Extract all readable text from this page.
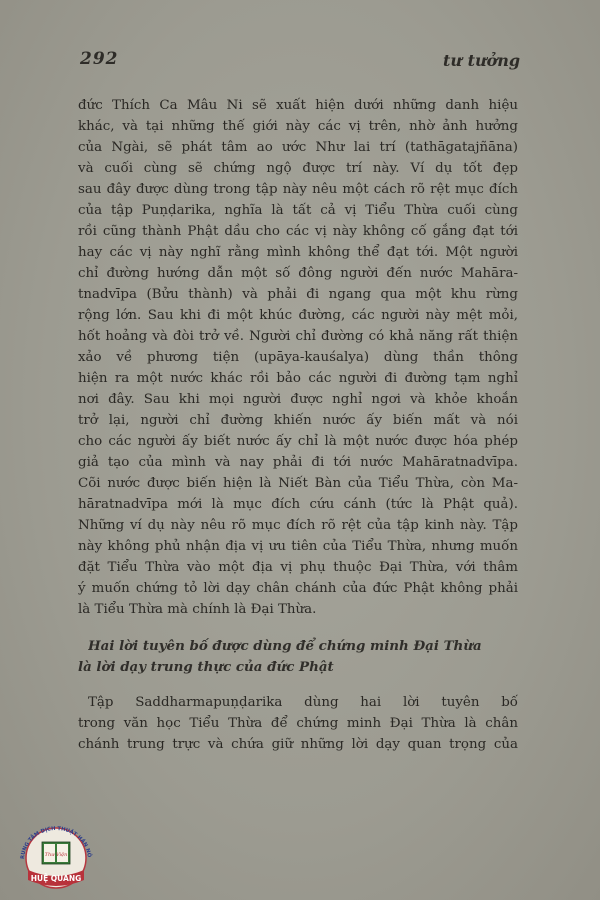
292	tư tưởng
đức Thích Ca Mâu Ni sẽ xuất hiện dưới những danh hiệu
khác, và tại những thế giới này các vị trên, nhờ ảnh hưởng
của Ngài, sẽ phát tâm ao ước Như lai trí (tathāgatajñāna)
và cuối cùng sẽ chứng ngộ được trí này. Ví dụ tốt đẹp
sau đây được dùng trong tập này nêu một cách rõ rệt mục đích
của tập Puṇḍarika, nghĩa là tất cả vị Tiểu Thừa cuối cùng
rồi cũng thành Phật dầu cho các vị này không cố gắng đạt tới
hay các vị này nghĩ rằng mình không thể đạt tới. Một người
chỉ đường hướng dẫn một số đông người đến nước Mahāra-
tnadvīpa (Bửu thành) và phải đi ngang qua một khu rừng
rộng lớn. Sau khi đi một khúc đường, các người này mệt mỏi,
hốt hoảng và đòi trở về. Người chỉ đường có khả năng rất thiện
xảo về phương tiện (upāya-kauśalya) dùng thần thông
hiện ra một nước khác rồi bảo các người đi đường tạm nghỉ
nơi đây. Sau khi mọi người được nghỉ ngơi và khỏe khoắn
trở lại, người chỉ đường khiến nước ấy biến mất và nói
cho các người ấy biết nước ấy chỉ là một nước được hóa phép
giả tạo của mình và nay phải đi tới nước Mahāratnadvīpa.
Cõi nước được biến hiện là Niết Bàn của Tiểu Thừa, còn Ma-
hāratnadvīpa mới là mục đích cứu cánh (tức là Phật quả).
Những ví dụ này nêu rõ mục đích rõ rệt của tập kinh này. Tập
này không phủ nhận địa vị ưu tiên của Tiểu Thừa, nhưng muốn
đặt Tiểu Thừa vào một địa vị phụ thuộc Đại Thừa, với thâm
ý muốn chứng tỏ lời dạy chân chánh của đức Phật không phải
là Tiểu Thừa mà chính là Đại Thừa.
Hai lời tuyên bố được dùng để chứng minh Đại Thừa
là lời dạy trung thực của đức Phật
Tập Saddharmapuṇḍarika dùng hai lời tuyên bố
trong văn học Tiểu Thừa để chứng minh Đại Thừa là chân
chánh trung trực và chứa giữ những lời dạy quan trọng của
RUNG TÂM DỊCH THUẬT HÁN NÔ
Thư Viện
HUỆ QUANG
